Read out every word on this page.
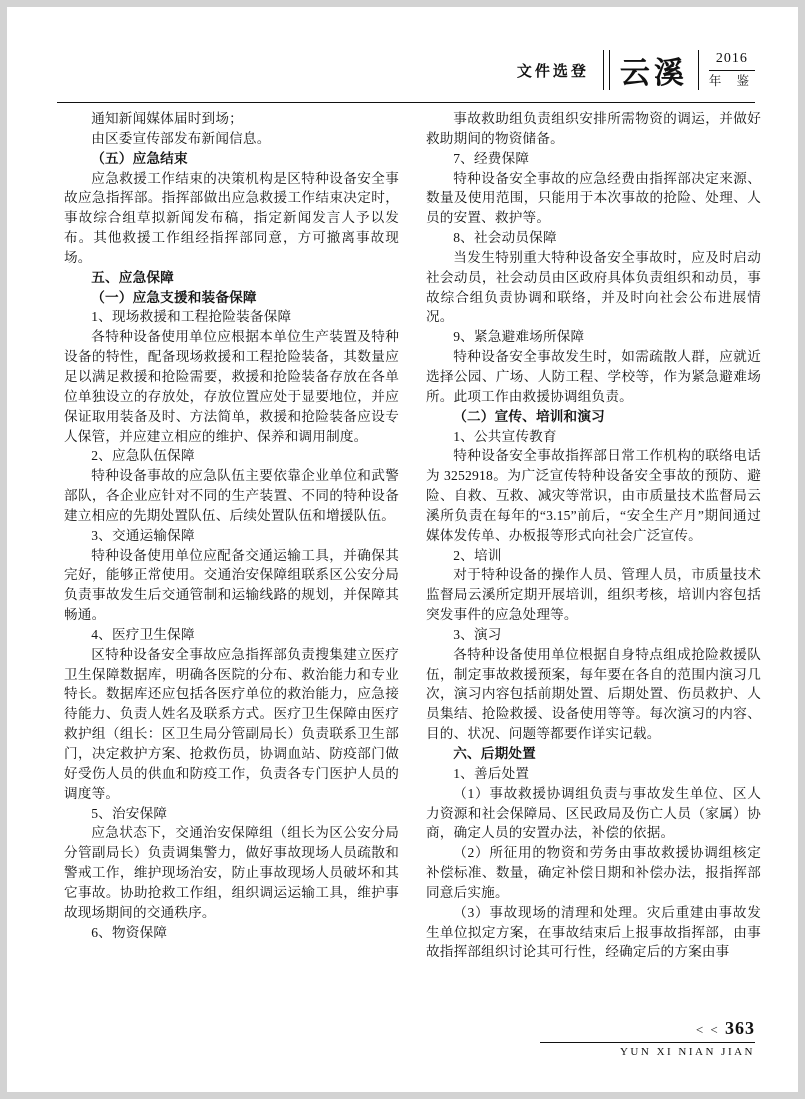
文件选登 云溪	2016
年 鉴

通知新闻媒体届时到场；

由区委宣传部发布新闻信息。

（五）应急结束

应急救援工作结束的决策机构是区特种设备安全事故应急指挥部。指挥部做出应急救援工作结束决定时，事故综合组草拟新闻发布稿，指定新闻发言人予以发布。其他救援工作组经指挥部同意，方可撤离事故现场。

五、应急保障

（一）应急支援和装备保障

1、现场救援和工程抢险装备保障

各特种设备使用单位应根据本单位生产装置及特种设备的特性，配备现场救援和工程抢险装备，其数量应足以满足救援和抢险需要，救援和抢险装备存放在各单位单独设立的存放处，存放位置应处于显要地位，并应保证取用装备及时、方法简单，救援和抢险装备应设专人保管，并应建立相应的维护、保养和调用制度。

2、应急队伍保障

特种设备事故的应急队伍主要依靠企业单位和武警部队，各企业应针对不同的生产装置、不同的特种设备建立相应的先期处置队伍、后续处置队伍和增援队伍。

3、交通运输保障

特种设备使用单位应配备交通运输工具，并确保其完好，能够正常使用。交通治安保障组联系区公安分局负责事故发生后交通管制和运输线路的规划，并保障其畅通。

4、医疗卫生保障

区特种设备安全事故应急指挥部负责搜集建立医疗卫生保障数据库，明确各医院的分布、救治能力和专业特长。数据库还应包括各医疗单位的救治能力，应急接待能力、负责人姓名及联系方式。医疗卫生保障由医疗救护组（组长：区卫生局分管副局长）负责联系卫生部门，决定救护方案、抢救伤员，协调血站、防疫部门做好受伤人员的供血和防疫工作，负责各专门医护人员的调度等。

5、治安保障

应急状态下，交通治安保障组（组长为区公安分局分管副局长）负责调集警力，做好事故现场人员疏散和警戒工作，维护现场治安，防止事故现场人员破坏和其它事故。协助抢救工作组，组织调运运输工具，维护事故现场期间的交通秩序。

6、物资保障

事故救助组负责组织安排所需物资的调运，并做好救助期间的物资储备。

7、经费保障

特种设备安全事故的应急经费由指挥部决定来源、数量及使用范围，只能用于本次事故的抢险、处理、人员的安置、救护等。

8、社会动员保障

当发生特别重大特种设备安全事故时，应及时启动社会动员，社会动员由区政府具体负责组织和动员，事故综合组负责协调和联络，并及时向社会公布进展情况。

9、紧急避难场所保障

特种设备安全事故发生时，如需疏散人群，应就近选择公园、广场、人防工程、学校等，作为紧急避难场所。此项工作由救援协调组负责。

（二）宣传、培训和演习

1、公共宣传教育

特种设备安全事故指挥部日常工作机构的联络电话为 3252918。为广泛宣传特种设备安全事故的预防、避险、自救、互救、减灾等常识，由市质量技术监督局云溪所负责在每年的“3.15”前后，“安全生产月”期间通过媒体发传单、办板报等形式向社会广泛宣传。

2、培训

对于特种设备的操作人员、管理人员，市质量技术监督局云溪所定期开展培训，组织考核，培训内容包括突发事件的应急处理等。

3、演习

各特种设备使用单位根据自身特点组成抢险救援队伍，制定事故救援预案，每年要在各自的范围内演习几次，演习内容包括前期处置、后期处置、伤员救护、人员集结、抢险救援、设备使用等等。每次演习的内容、目的、状况、问题等都要作详实记载。

六、后期处置

1、善后处置

（1）事故救援协调组负责与事故发生单位、区人力资源和社会保障局、区民政局及伤亡人员（家属）协商，确定人员的安置办法，补偿的依据。

（2）所征用的物资和劳务由事故救援协调组核定补偿标准、数量，确定补偿日期和补偿办法，报指挥部同意后实施。

（3）事故现场的清理和处理。灾后重建由事故发生单位拟定方案，在事故结束后上报事故指挥部，由事故指挥部组织讨论其可行性，经确定后的方案由事

< < 363
YUN XI NIAN JIAN
